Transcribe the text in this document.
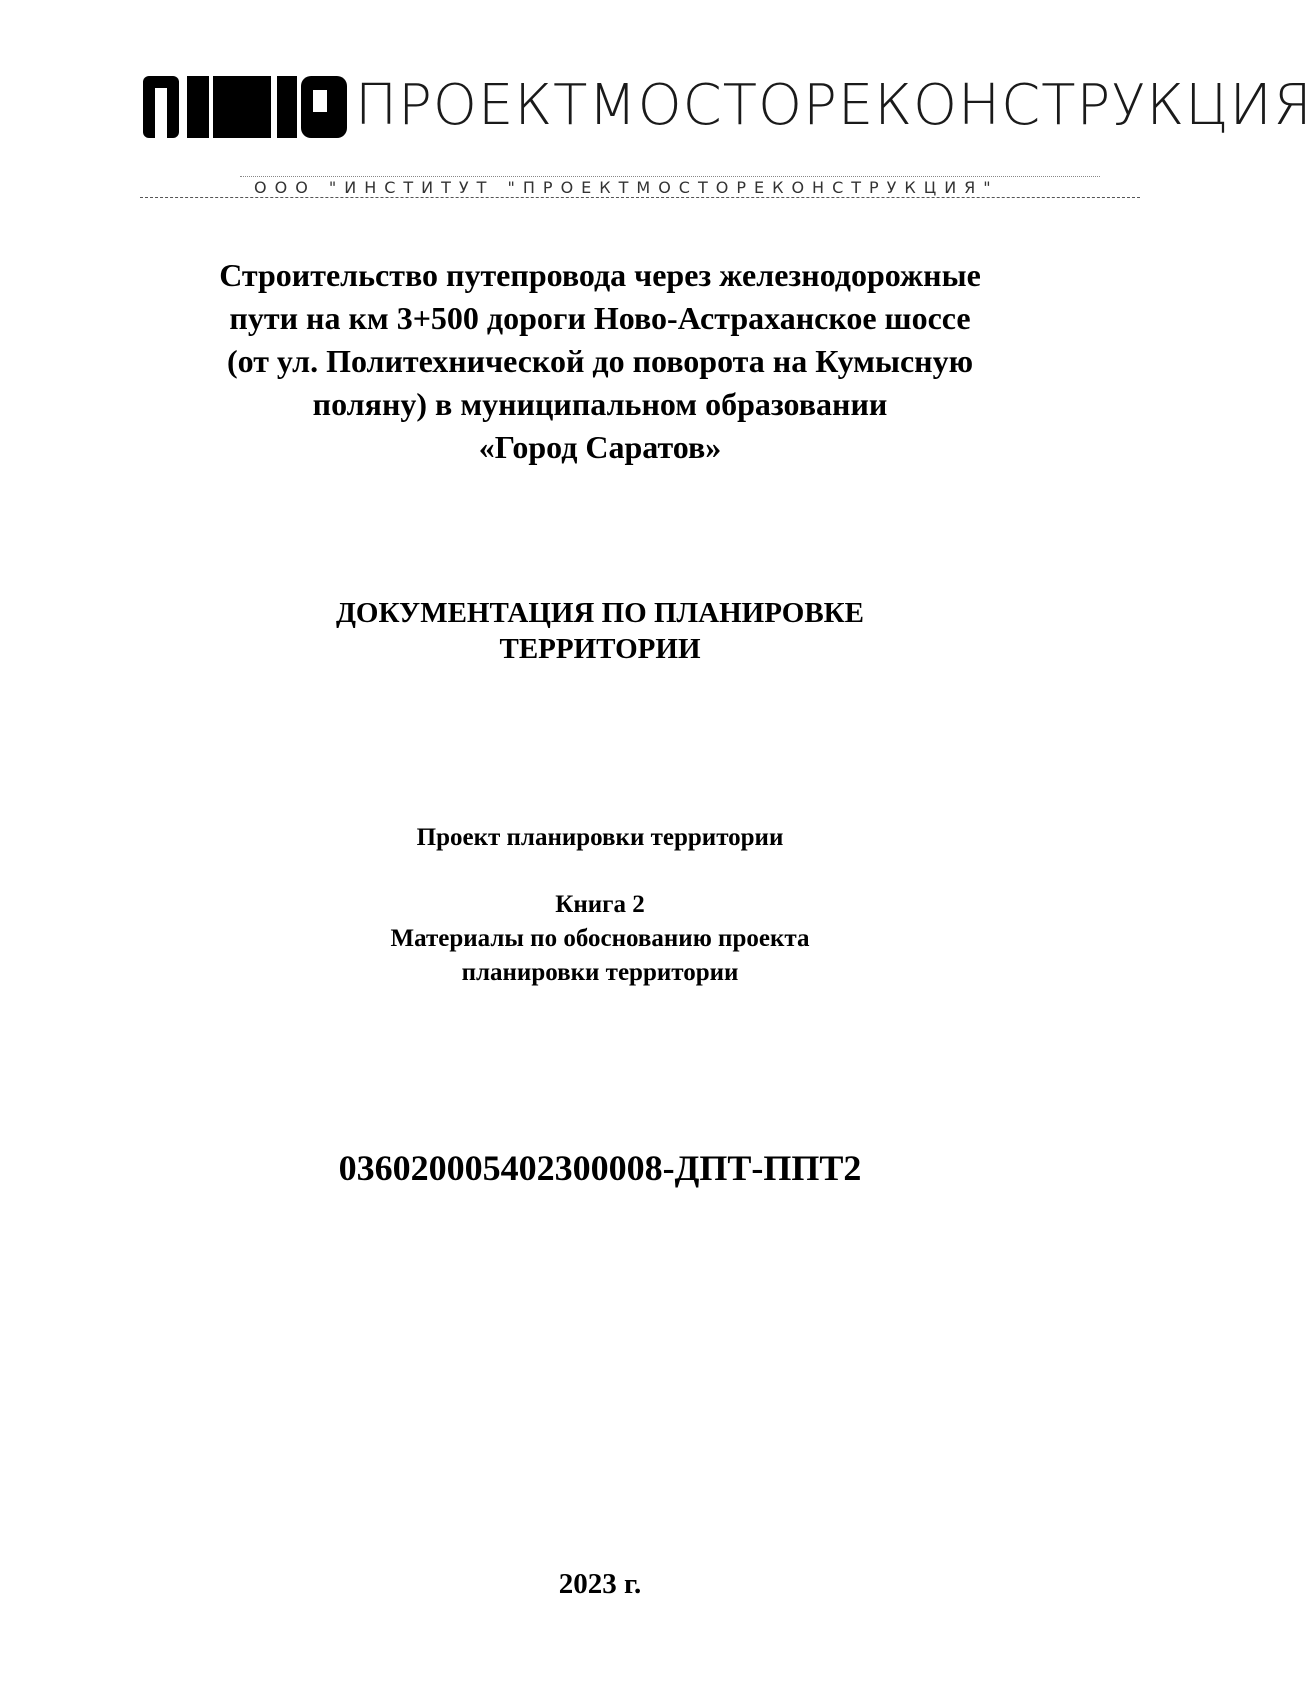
ПРОЕКТМОСТОРЕКОНСТРУКЦИЯ
ООО "ИНСТИТУТ "ПРОЕКТМОСТОРЕКОНСТРУКЦИЯ"
Строительство путепровода через железнодорожные
пути на км 3+500 дороги Ново-Астраханское шоссе
(от ул. Политехнической до поворота на Кумысную
поляну) в муниципальном образовании
«Город Саратов»
ДОКУМЕНТАЦИЯ ПО ПЛАНИРОВКЕ
ТЕРРИТОРИИ
Проект планировки территории
Книга 2
Материалы по обоснованию проекта
планировки территории
036020005402300008-ДПТ-ППТ2
2023 г.
